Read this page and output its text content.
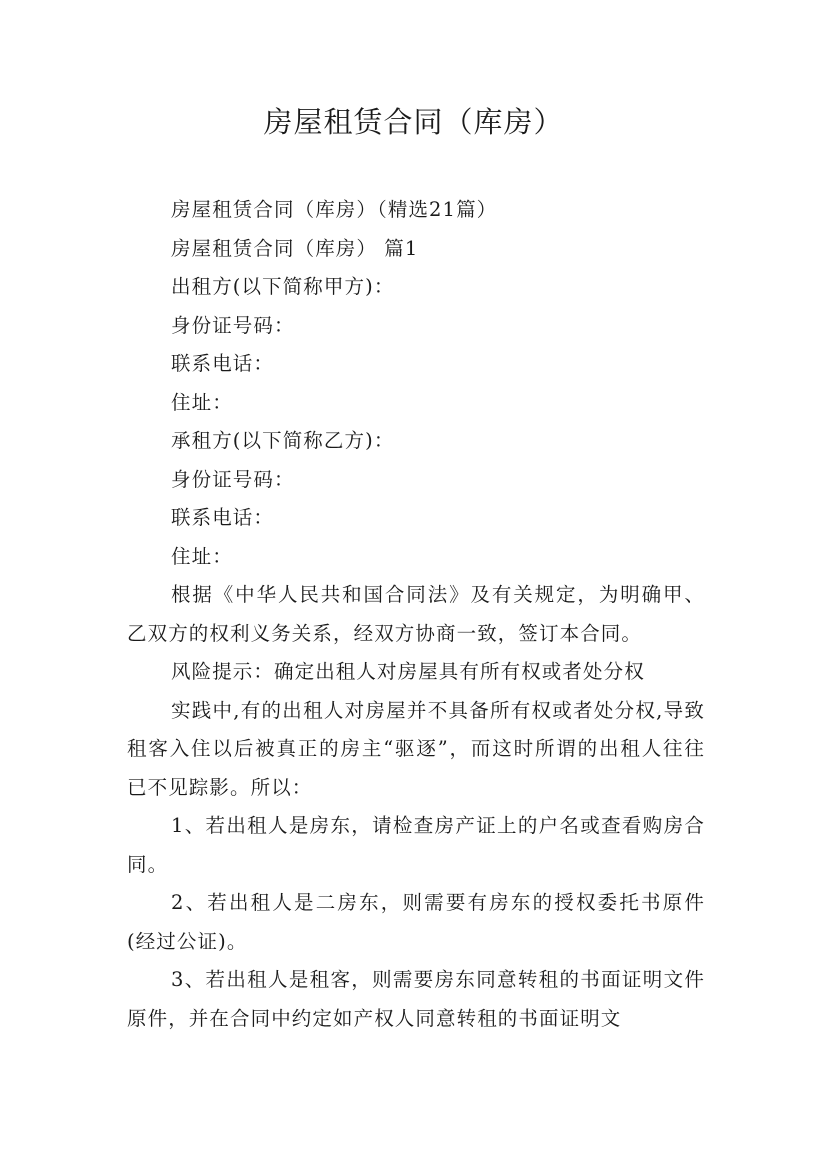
房屋租赁合同（库房）

房屋租赁合同（库房）（精选21篇）

房屋租赁合同（库房） 篇1

出租方(以下简称甲方)：

身份证号码：

联系电话：

住址：

承租方(以下简称乙方)：

身份证号码：

联系电话：

住址：

根据《中华人民共和国合同法》及有关规定，为明确甲、乙双方的权利义务关系，经双方协商一致，签订本合同。

风险提示：确定出租人对房屋具有所有权或者处分权

实践中,有的出租人对房屋并不具备所有权或者处分权,导致租客入住以后被真正的房主“驱逐”，而这时所谓的出租人往往已不见踪影。所以：

1、若出租人是房东，请检查房产证上的户名或查看购房合同。

2、若出租人是二房东，则需要有房东的授权委托书原件(经过公证)。

3、若出租人是租客，则需要房东同意转租的书面证明文件原件，并在合同中约定如产权人同意转租的书面证明文
